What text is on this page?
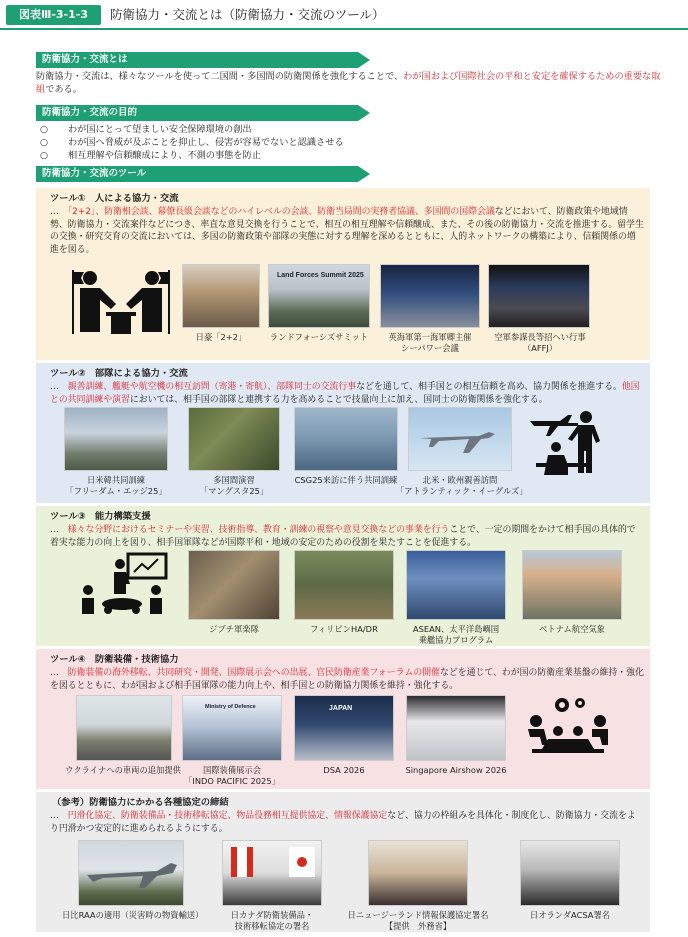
図表Ⅲ-3-1-3	防衛協力・交流とは（防衛協力・交流のツール）
防衛協力・交流とは
防衛協力・交流は、様々なツールを使って二国間・多国間の防衛関係を強化することで、わが国および国際社会の平和と安定を確保するための重要な取組である。
防衛協力・交流の目的
○ わが国にとって望ましい安全保障環境の創出
○ わが国へ脅威が及ぶことを抑止し、侵害が容易でないと認識させる
○ 相互理解や信頼醸成により、不測の事態を防止
防衛協力・交流のツール
ツール①　人による協力・交流
…　「2+2」、防衛相会談、幕僚長級会談などのハイレベルの会談、防衛当局間の実務者協議、多国間の国際会議などにおいて、防衛政策や地域情勢、防衛協力・交流案件などにつき、率直な意見交換を行うことで、相互の相互理解や信頼醸成、また、その後の防衛協力・交流を推進する。留学生の交換・研究交育の交流においては、多国の防衛政策や部隊の実態に対する理解を深めるとともに、人的ネットワークの構築により、信頼関係の増進を図る。
Land Forces Summit 2025
日豪「2+2」	ランドフォーシズサミット	英海軍第一海軍卿主催
シーパワー会議
空軍参謀長等招へい行事（AFFJ）
ツール②　部隊による協力・交流
…　親善訓練、艦艇や航空機の相互訪問（寄港・寄航）、部隊同士の交流行事などを通して、相手国との相互信頼を高め、協力関係を推進する。他国との共同訓練や演習においては、相手国の部隊と連携する力を高めることで技量向上に加え、国同士の防衛関係を強化する。
日米韓共同訓練
「フリーダム・エッジ25」
多国間演習
「マングスタ25」
CSG25来訪に伴う共同訓練	北米・欧州親善訪問
「アトランティック・イーグルズ」
ツール③　能力構築支援
…　様々な分野におけるセミナーや実習、技術指導、教育・訓練の視察や意見交換などの事業を行うことで、一定の期間をかけて相手国の具体的で着実な能力の向上を図り、相手国軍隊などが国際平和・地域の安定のための役割を果たすことを促進する。
ジブチ軍楽隊	フィリピンHA/DR	ASEAN、太平洋島嶼国
乗艦協力プログラム
ベトナム航空気象
ツール④　防衛装備・技術協力
…　防衛装備の海外移転、共同研究・開発、国際展示会への出展、官民防衛産業フォーラムの開催などを通じて、わが国の防衛産業基盤の維持・強化を図るとともに、わが国および相手国軍隊の能力向上や、相手国との防衛協力関係を維持・強化する。
Ministry of Defence	JAPAN
ウクライナへの車両の追加提供	国際装備展示会
「INDO PACIFIC 2025」
DSA 2026	Singapore Airshow 2026
（参考）防衛協力にかかる各種協定の締結
…　円滑化協定、防衛装備品・技術移転協定、物品役務相互提供協定、情報保護協定など、協力の枠組みを具体化・制度化し、防衛協力・交流をより円滑かつ安定的に進められるようにする。
日比RAAの適用（災害時の物資輸送）	日カナダ防衛装備品・
技術移転協定の署名
日ニュージーランド情報保護協定署名
【提供　外務省】
日オランダACSA署名
